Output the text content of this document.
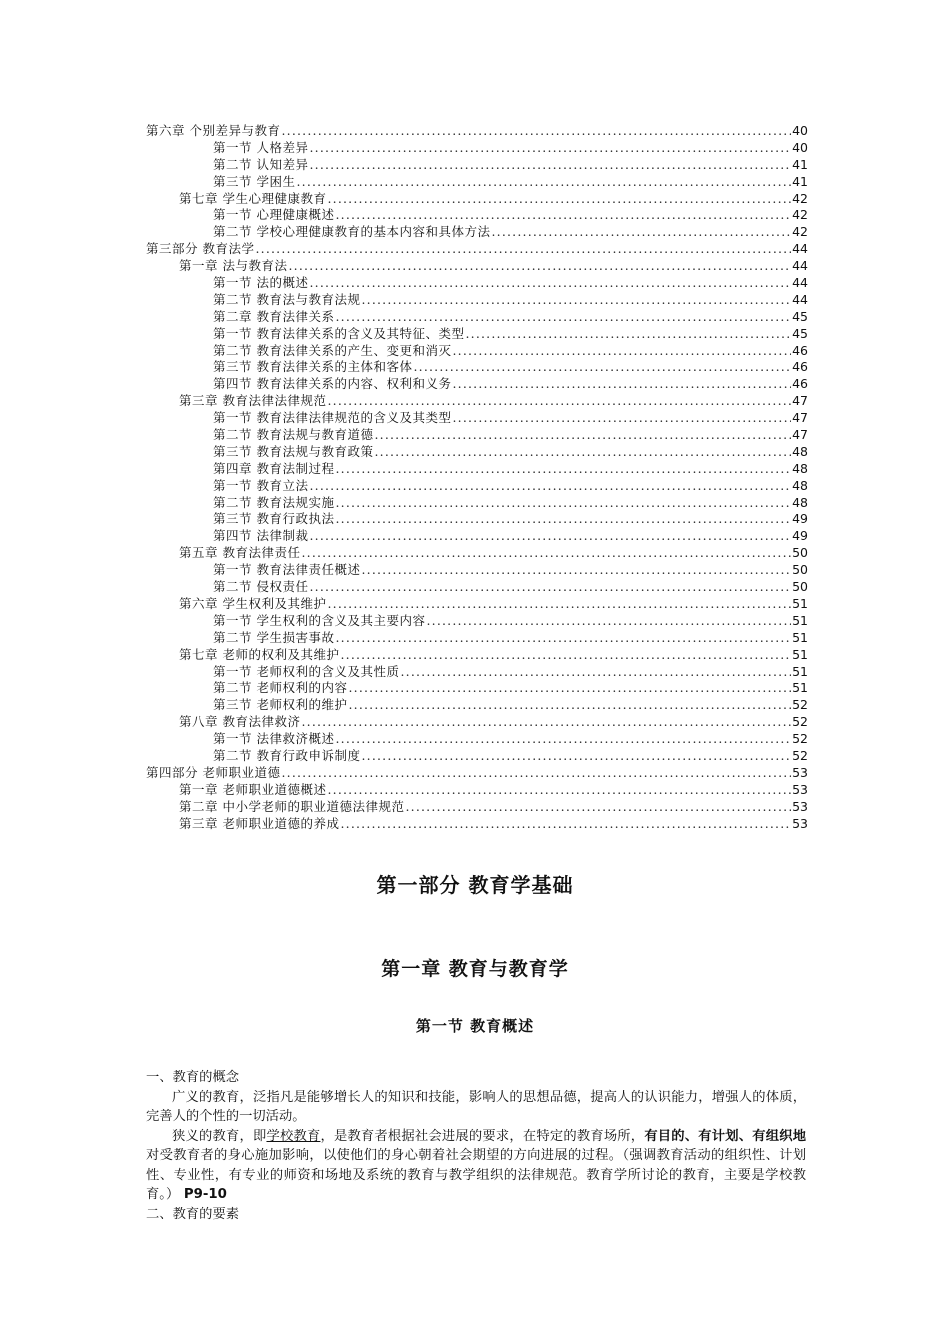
第六章 个别差异与教育 .....	40
第一节 人格差异 .....	40
第二节 认知差异 .....	41
第三节 学困生 .....	41
第七章 学生心理健康教育 .....	42
第一节 心理健康概述 .....	42
第二节 学校心理健康教育的基本内容和具体方法 .....	42
第三部分 教育法学 .....	44
第一章 法与教育法 .....	44
第一节 法的概述 .....	44
第二节 教育法与教育法规 .....	44
第二章 教育法律关系 .....	45
第一节 教育法律关系的含义及其特征、类型 .....	45
第二节 教育法律关系的产生、变更和消灭 .....	46
第三节 教育法律关系的主体和客体 .....	46
第四节 教育法律关系的内容、权利和义务 .....	46
第三章 教育法律法律规范 .....	47
第一节 教育法律法律规范的含义及其类型 .....	47
第二节 教育法规与教育道德 .....	47
第三节 教育法规与教育政策 .....	48
第四章 教育法制过程 .....	48
第一节 教育立法 .....	48
第二节 教育法规实施 .....	48
第三节 教育行政执法 .....	49
第四节 法律制裁 .....	49
第五章 教育法律责任 .....	50
第一节 教育法律责任概述 .....	50
第二节 侵权责任 .....	50
第六章 学生权利及其维护 .....	51
第一节 学生权利的含义及其主要内容 .....	51
第二节 学生损害事故 .....	51
第七章 老师的权利及其维护 .....	51
第一节 老师权利的含义及其性质 .....	51
第二节 老师权利的内容 .....	51
第三节 老师权利的维护 .....	52
第八章 教育法律救济 .....	52
第一节 法律救济概述 .....	52
第二节 教育行政申诉制度 .....	52
第四部分 老师职业道德 .....	53
第一章 老师职业道德概述 .....	53
第二章 中小学老师的职业道德法律规范 .....	53
第三章 老师职业道德的养成 .....	53
第一部分 教育学基础
第一章 教育与教育学
第一节 教育概述

一、教育的概念

广义的教育，泛指凡是能够增长人的知识和技能，影响人的思想品德，提高人的认识能力，增强人的体质，完善人的个性的一切活动。

狭义的教育，即学校教育，是教育者根据社会进展的要求，在特定的教育场所，有目的、有计划、有组织地对受教育者的身心施加影响，以使他们的身心朝着社会期望的方向进展的过程。（强调教育活动的组织性、计划性、专业性，有专业的师资和场地及系统的教育与教学组织的法律规范。教育学所讨论的教育，主要是学校教育。） P9-10

二、教育的要素
